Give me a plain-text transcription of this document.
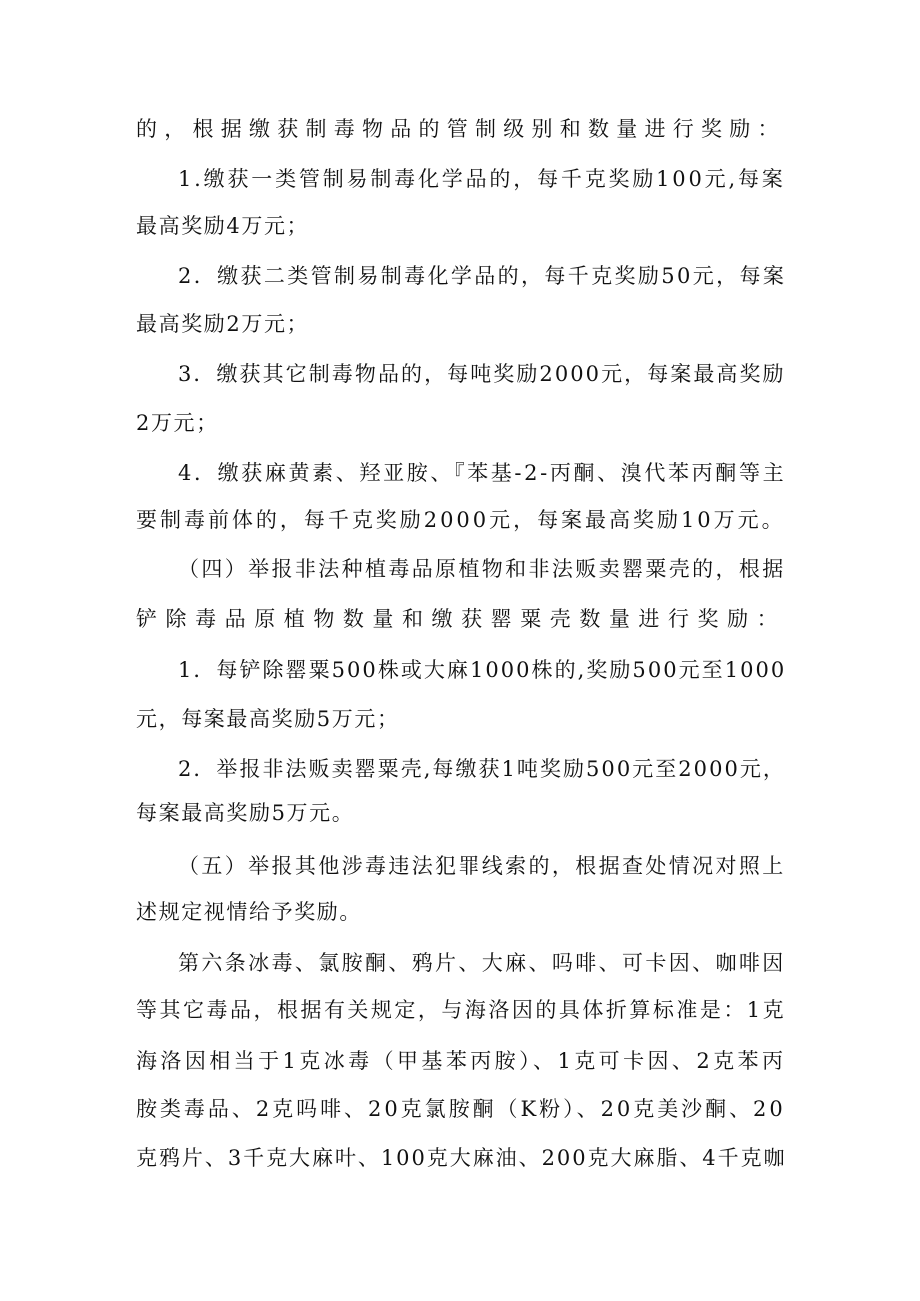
的，根据缴获制毒物品的管制级别和数量进行奖励：
1.缴获一类管制易制毒化学品的，每千克奖励100元,每案
最高奖励4万元；
2．缴获二类管制易制毒化学品的，每千克奖励50元，每案
最高奖励2万元；
3．缴获其它制毒物品的，每吨奖励2000元，每案最高奖励
2万元；
4．缴获麻黄素、羟亚胺、『苯基-2-丙酮、溴代苯丙酮等主
要制毒前体的，每千克奖励2000元，每案最高奖励10万元。
（四）举报非法种植毒品原植物和非法贩卖罂粟壳的，根据
铲除毒品原植物数量和缴获罂粟壳数量进行奖励：
1．每铲除罂粟500株或大麻1000株的,奖励500元至1000
元，每案最高奖励5万元；
2．举报非法贩卖罂粟壳,每缴获1吨奖励500元至2000元，
每案最高奖励5万元。
（五）举报其他涉毒违法犯罪线索的，根据查处情况对照上
述规定视情给予奖励。
第六条冰毒、氯胺酮、鸦片、大麻、吗啡、可卡因、咖啡因
等其它毒品，根据有关规定，与海洛因的具体折算标准是：1克
海洛因相当于1克冰毒（甲基苯丙胺）、1克可卡因、2克苯丙
胺类毒品、2克吗啡、20克氯胺酮（K粉）、20克美沙酮、20
克鸦片、3千克大麻叶、100克大麻油、200克大麻脂、4千克咖
